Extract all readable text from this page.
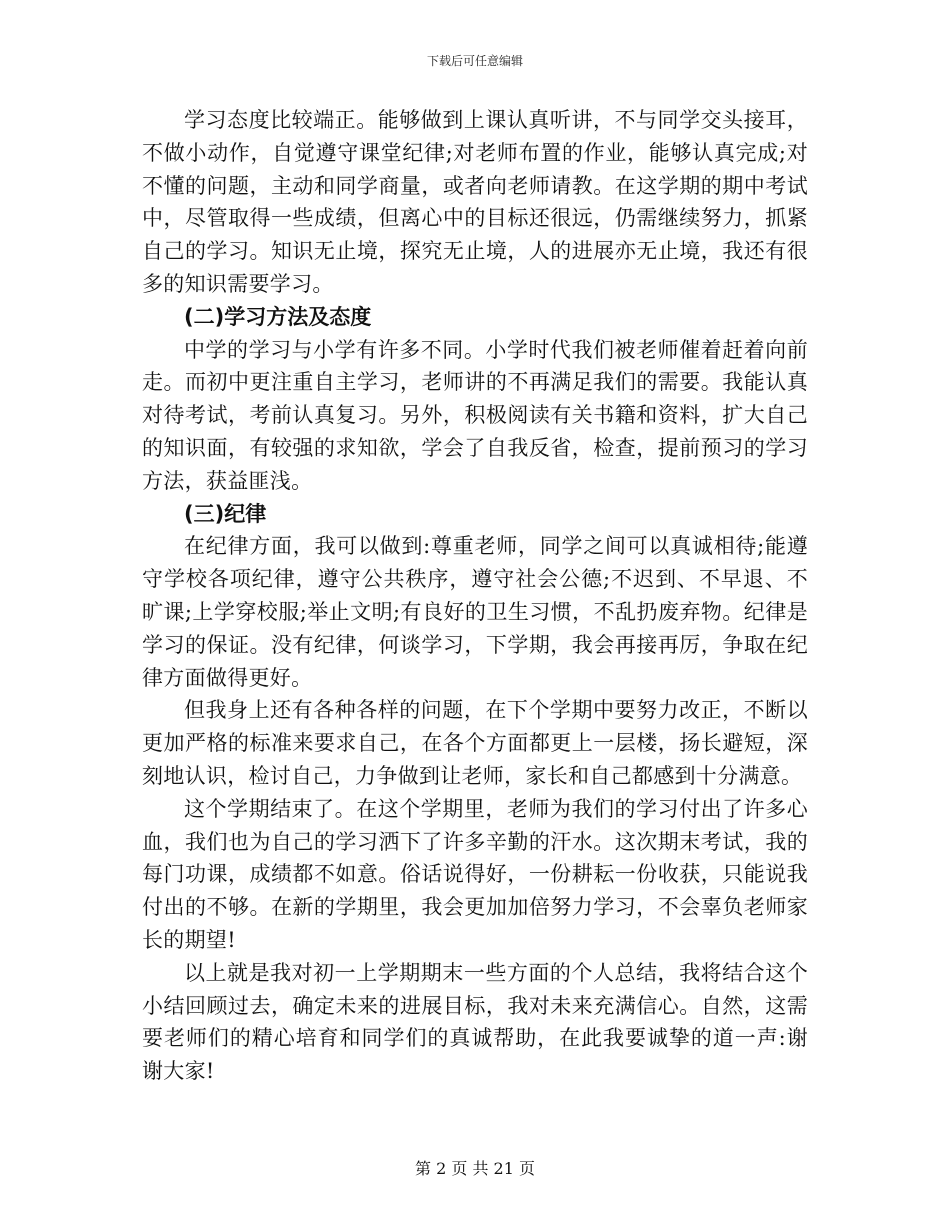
下载后可任意编辑

学习态度比较端正。能够做到上课认真听讲，不与同学交头接耳，不做小动作，自觉遵守课堂纪律;对老师布置的作业，能够认真完成;对不懂的问题，主动和同学商量，或者向老师请教。在这学期的期中考试中，尽管取得一些成绩，但离心中的目标还很远，仍需继续努力，抓紧自己的学习。知识无止境，探究无止境，人的进展亦无止境，我还有很多的知识需要学习。

(二)学习方法及态度

中学的学习与小学有许多不同。小学时代我们被老师催着赶着向前走。而初中更注重自主学习，老师讲的不再满足我们的需要。我能认真对待考试，考前认真复习。另外，积极阅读有关书籍和资料，扩大自己的知识面，有较强的求知欲，学会了自我反省，检查，提前预习的学习方法，获益匪浅。

(三)纪律

在纪律方面，我可以做到:尊重老师，同学之间可以真诚相待;能遵守学校各项纪律，遵守公共秩序，遵守社会公德;不迟到、不早退、不旷课;上学穿校服;举止文明;有良好的卫生习惯，不乱扔废弃物。纪律是学习的保证。没有纪律，何谈学习，下学期，我会再接再厉，争取在纪律方面做得更好。

但我身上还有各种各样的问题，在下个学期中要努力改正，不断以更加严格的标准来要求自己，在各个方面都更上一层楼，扬长避短，深刻地认识，检讨自己，力争做到让老师，家长和自己都感到十分满意。

这个学期结束了。在这个学期里，老师为我们的学习付出了许多心血，我们也为自己的学习洒下了许多辛勤的汗水。这次期末考试，我的每门功课，成绩都不如意。俗话说得好，一份耕耘一份收获，只能说我付出的不够。在新的学期里，我会更加加倍努力学习，不会辜负老师家长的期望!

以上就是我对初一上学期期末一些方面的个人总结，我将结合这个小结回顾过去，确定未来的进展目标，我对未来充满信心。自然，这需要老师们的精心培育和同学们的真诚帮助，在此我要诚挚的道一声:谢谢大家!

第 2 页 共 21 页
